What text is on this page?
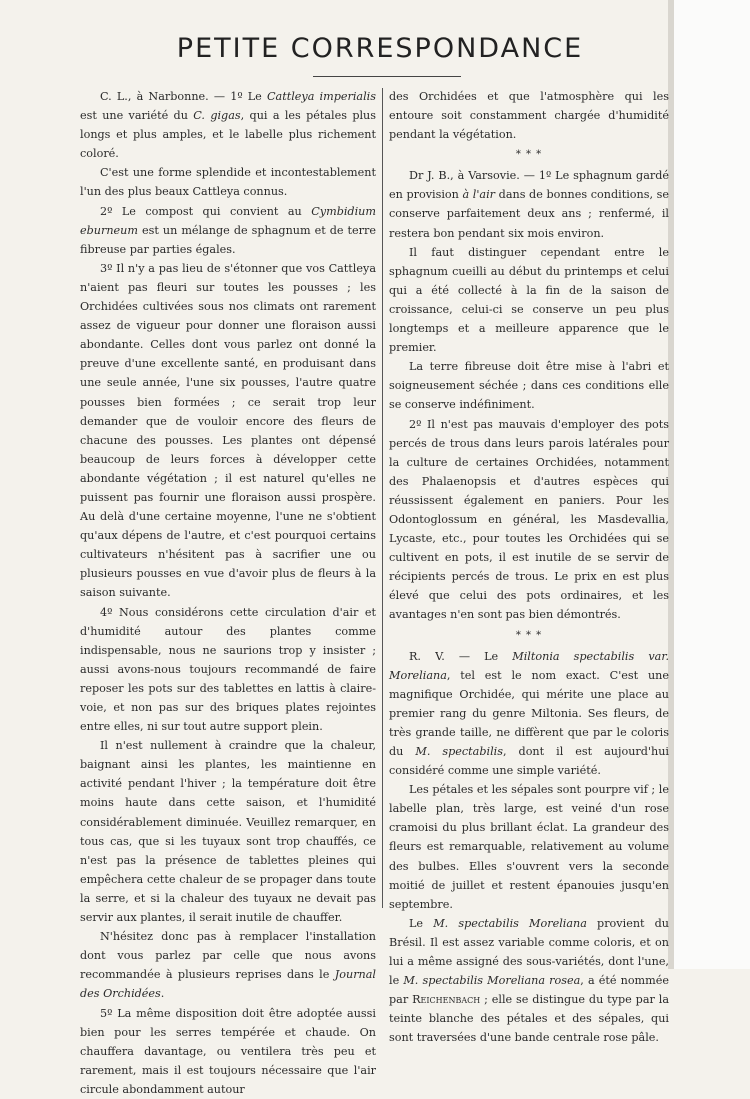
PETITE CORRESPONDANCE

C. L., à Narbonne. — 1º Le Cattleya imperialis est une variété du C. gigas, qui a les pétales plus longs et plus amples, et le labelle plus richement coloré.

C'est une forme splendide et incontestablement l'un des plus beaux Cattleya connus.

2º Le compost qui convient au Cymbidium eburneum est un mélange de sphagnum et de terre fibreuse par parties égales.

3º Il n'y a pas lieu de s'étonner que vos Cattleya n'aient pas fleuri sur toutes les pousses ; les Orchidées cultivées sous nos climats ont rarement assez de vigueur pour donner une floraison aussi abondante. Celles dont vous parlez ont donné la preuve d'une excellente santé, en produisant dans une seule année, l'une six pousses, l'autre quatre pousses bien formées ; ce serait trop leur demander que de vouloir encore des fleurs de chacune des pousses. Les plantes ont dépensé beaucoup de leurs forces à développer cette abondante végétation ; il est naturel qu'elles ne puissent pas fournir une floraison aussi prospère. Au delà d'une certaine moyenne, l'une ne s'obtient qu'aux dépens de l'autre, et c'est pourquoi certains cultivateurs n'hésitent pas à sacrifier une ou plusieurs pousses en vue d'avoir plus de fleurs à la saison suivante.

4º Nous considérons cette circulation d'air et d'humidité autour des plantes comme indispensable, nous ne saurions trop y insister ; aussi avons-nous toujours recommandé de faire reposer les pots sur des tablettes en lattis à claire-voie, et non pas sur des briques plates rejointes entre elles, ni sur tout autre support plein.

Il n'est nullement à craindre que la chaleur, baignant ainsi les plantes, les maintienne en activité pendant l'hiver ; la température doit être moins haute dans cette saison, et l'humidité considérablement diminuée. Veuillez remarquer, en tous cas, que si les tuyaux sont trop chauffés, ce n'est pas la présence de tablettes pleines qui empêchera cette chaleur de se propager dans toute la serre, et si la chaleur des tuyaux ne devait pas servir aux plantes, il serait inutile de chauffer.

N'hésitez donc pas à remplacer l'installation dont vous parlez par celle que nous avons recommandée à plusieurs reprises dans le Journal des Orchidées.

5º La même disposition doit être adoptée aussi bien pour les serres tempérée et chaude. On chauffera davantage, ou ventilera très peu et rarement, mais il est toujours nécessaire que l'air circule abondamment autour

des Orchidées et que l'atmosphère qui les entoure soit constamment chargée d'humidité pendant la végétation.

* * *

Dr J. B., à Varsovie. — 1º Le sphagnum gardé en provision à l'air dans de bonnes conditions, se conserve parfaitement deux ans ; renfermé, il restera bon pendant six mois environ.

Il faut distinguer cependant entre le sphagnum cueilli au début du printemps et celui qui a été collecté à la fin de la saison de croissance, celui-ci se conserve un peu plus longtemps et a meilleure apparence que le premier.

La terre fibreuse doit être mise à l'abri et soigneusement séchée ; dans ces conditions elle se conserve indéfiniment.

2º Il n'est pas mauvais d'employer des pots percés de trous dans leurs parois latérales pour la culture de certaines Orchidées, notamment des Phalaenopsis et d'autres espèces qui réussissent également en paniers. Pour les Odontoglossum en général, les Masdevallia, Lycaste, etc., pour toutes les Orchidées qui se cultivent en pots, il est inutile de se servir de récipients percés de trous. Le prix en est plus élevé que celui des pots ordinaires, et les avantages n'en sont pas bien démontrés.

* * *

R. V. — Le Miltonia spectabilis var. Moreliana, tel est le nom exact. C'est une magnifique Orchidée, qui mérite une place au premier rang du genre Miltonia. Ses fleurs, de très grande taille, ne diffèrent que par le coloris du M. spectabilis, dont il est aujourd'hui considéré comme une simple variété.

Les pétales et les sépales sont pourpre vif ; le labelle plan, très large, est veiné d'un rose cramoisi du plus brillant éclat. La grandeur des fleurs est remarquable, relativement au volume des bulbes. Elles s'ouvrent vers la seconde moitié de juillet et restent épanouies jusqu'en septembre.

Le M. spectabilis Moreliana provient du Brésil. Il est assez variable comme coloris, et on lui a même assigné des sous-variétés, dont l'une, le M. spectabilis Moreliana rosea, a été nommée par Reichenbach ; elle se distingue du type par la teinte blanche des pétales et des sépales, qui sont traversées d'une bande centrale rose pâle.
